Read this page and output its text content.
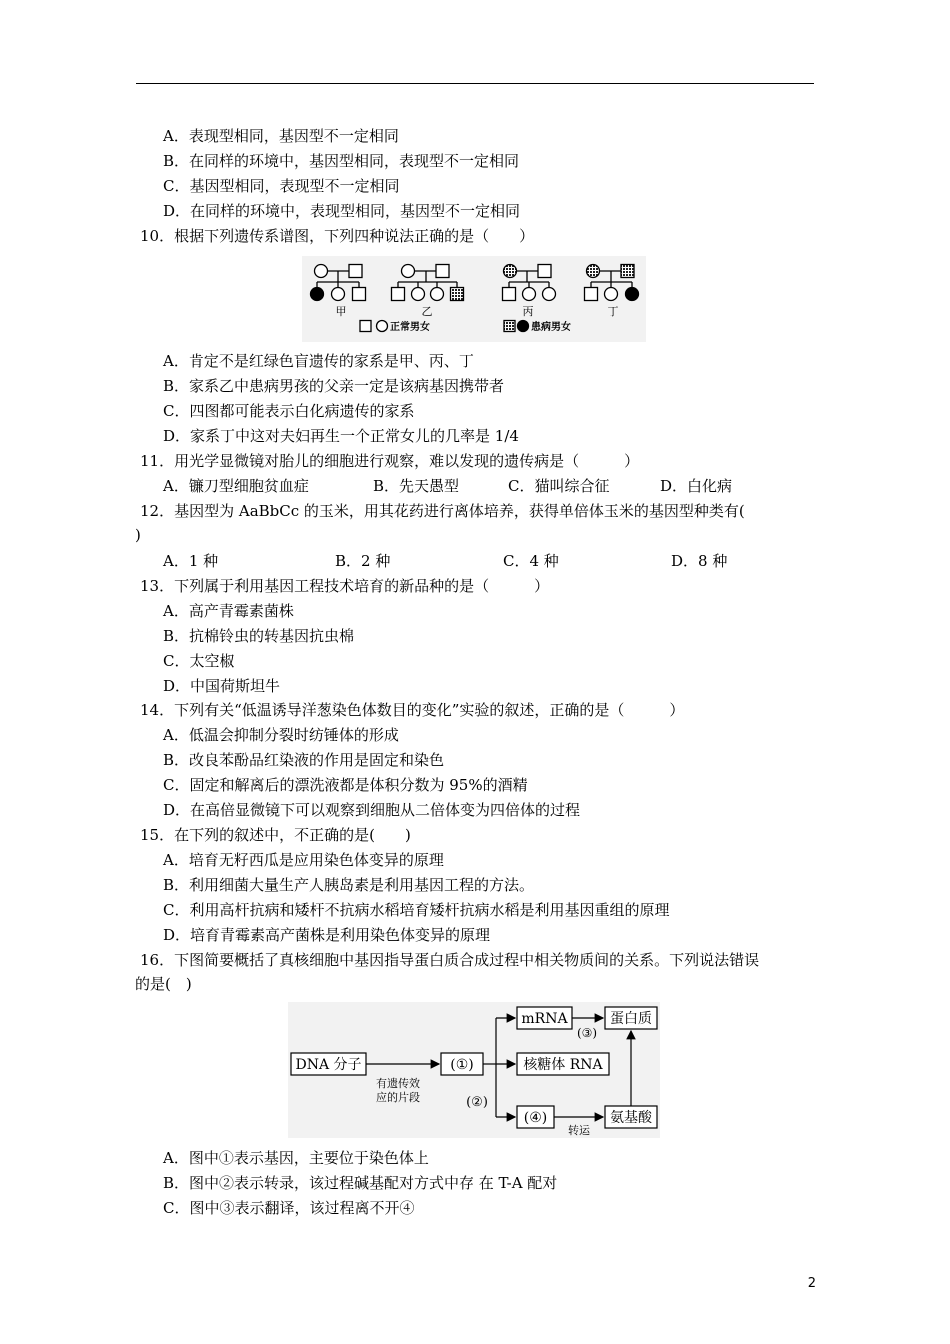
A．表现型相同，基因型不一定相同
B．在同样的环境中，基因型相同，表现型不一定相同
C．基因型相同，表现型不一定相同
D．在同样的环境中，表现型相同，基因型不一定相同
10．根据下列遗传系谱图，下列四种说法正确的是（　　）
甲	乙	丙	丁
正常男女	患病男女
A．肯定不是红绿色盲遗传的家系是甲、丙、丁
B．家系乙中患病男孩的父亲一定是该病基因携带者
C．四图都可能表示白化病遗传的家系
D．家系丁中这对夫妇再生一个正常女儿的几率是 1/4
11．用光学显微镜对胎儿的细胞进行观察，难以发现的遗传病是（　　　）
A．镰刀型细胞贫血症	B．先天愚型	C．猫叫综合征	D．白化病
12．基因型为 AaBbCc 的玉米，用其花药进行离体培养，获得单倍体玉米的基因型种类有(
)
A．1 种	B．2 种	C．4 种	D．8 种
13．下列属于利用基因工程技术培育的新品种的是（　　　）
A．高产青霉素菌株
B．抗棉铃虫的转基因抗虫棉
C．太空椒
D．中国荷斯坦牛
14．下列有关“低温诱导洋葱染色体数目的变化”实验的叙述，正确的是（　　　）
A．低温会抑制分裂时纺锤体的形成
B．改良苯酚品红染液的作用是固定和染色
C．固定和解离后的漂洗液都是体积分数为 95%的酒精
D．在高倍显微镜下可以观察到细胞从二倍体变为四倍体的过程
15．在下列的叙述中，不正确的是(　　)
A．培育无籽西瓜是应用染色体变异的原理
B．利用细菌大量生产人胰岛素是利用基因工程的方法。
C．利用高杆抗病和矮杆不抗病水稻培育矮杆抗病水稻是利用基因重组的原理
D．培育青霉素高产菌株是利用染色体变异的原理
16．下图简要概括了真核细胞中基因指导蛋白质合成过程中相关物质间的关系。下列说法错误
的是(　)
DNA 分子	(①)
mRNA	蛋白质
核糖体 RNA
(④)	氨基酸
有遗传效
应的片段	(②)
(③)
转运
A．图中①表示基因，主要位于染色体上
B．图中②表示转录，该过程碱基配对方式中存 在 T-A 配对
C．图中③表示翻译，该过程离不开④
2
